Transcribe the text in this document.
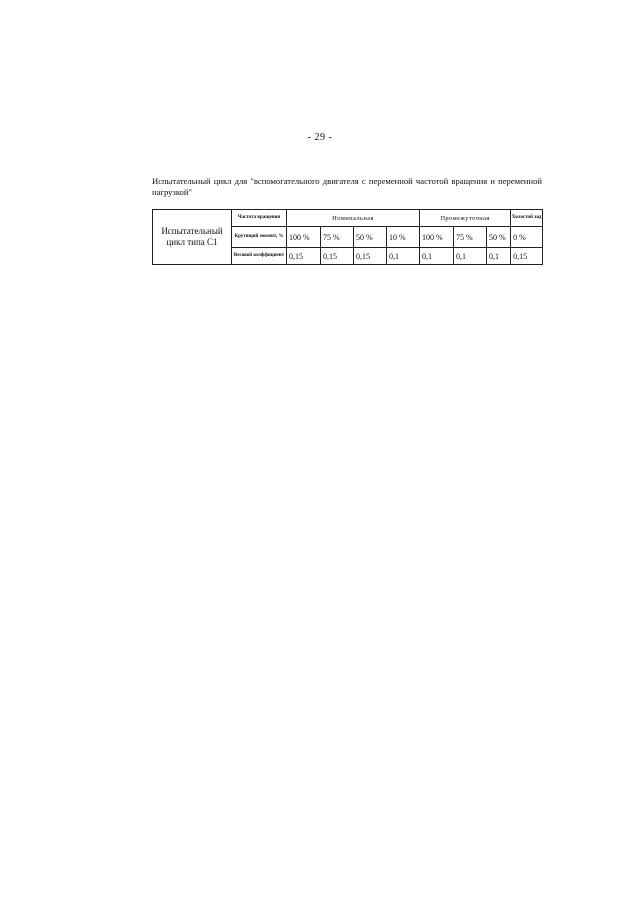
- 29 -
Испытательный цикл для "вспомогательного двигателя с переменной частотой вращения и переменной нагрузкой"
Испытательный цикл типа C1	Частота вращения	Номинальная				Промежуточная			Холостой ход
	Крутящий момент, %	100 %	75 %	50 %	10 %	100 %	75 %	50 %	0 %
	Весовой коэффициент	0,15	0,15	0,15	0,1	0,1	0,1	0,1	0,15
